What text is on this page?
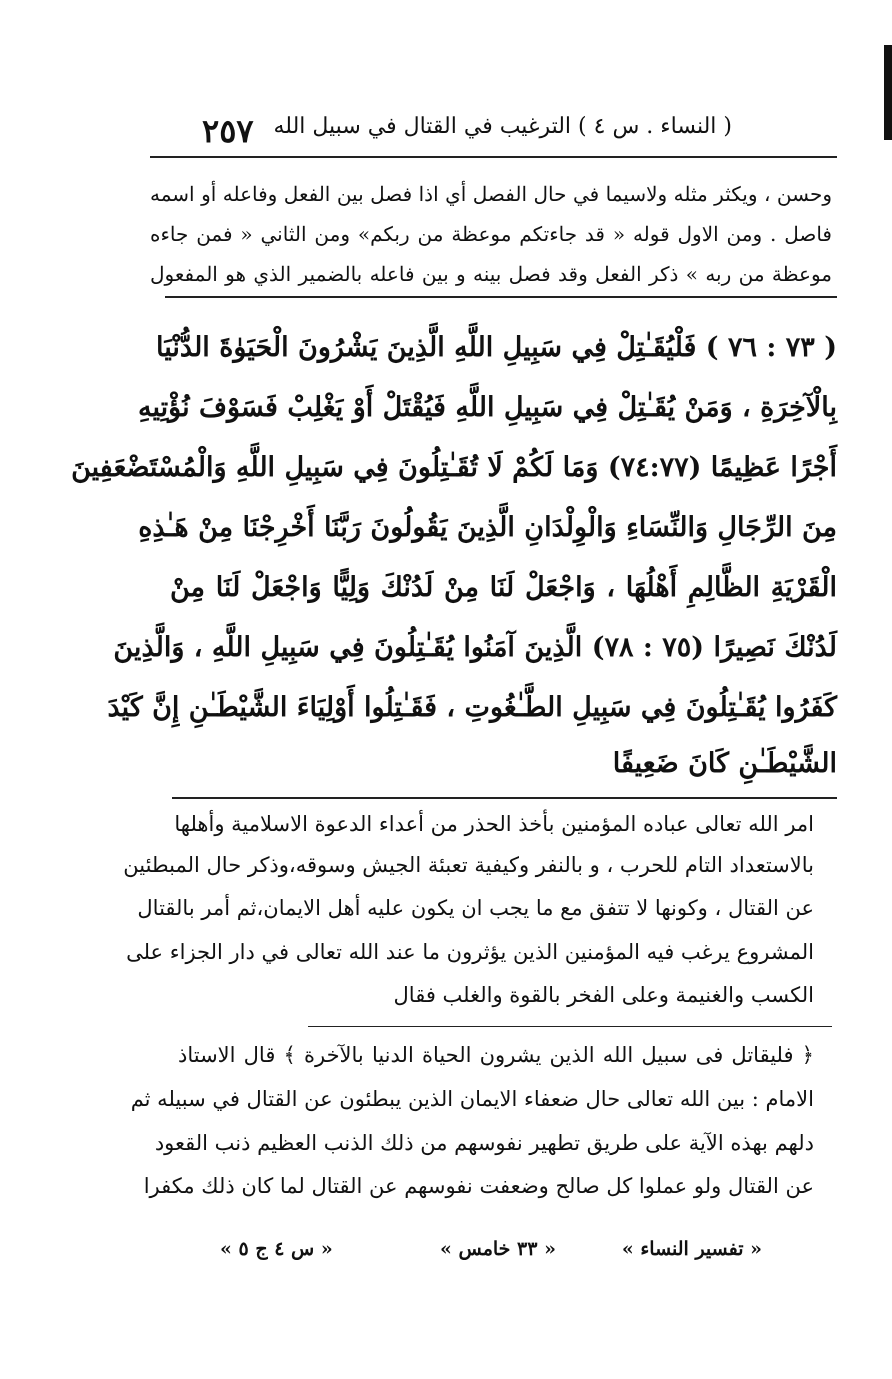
٢٥٧ ( النساء . س ٤ ) الترغيب في القتال في سبيل الله
وحسن ، ويكثر مثله ولاسيما في حال الفصل أي اذا فصل بين الفعل وفاعله أو اسمه
فاصل . ومن الاول قوله « قد جاءتكم موعظة من ربكم» ومن الثاني « فمن جاءه
موعظة من ربه » ذكر الفعل وقد فصل بينه و بين فاعله بالضمير الذي هو المفعول
( ٧٣ : ٧٦ ) فَلْيُقَـٰتِلْ فِي سَبِيلِ اللَّهِ الَّذِينَ يَشْرُونَ الْحَيَوٰةَ الدُّنْيَا
بِالْآخِرَةِ ، وَمَنْ يُقَـٰتِلْ فِي سَبِيلِ اللَّهِ فَيُقْتَلْ أَوْ يَغْلِبْ فَسَوْفَ نُؤْتِيهِ
أَجْرًا عَظِيمًا (٧٤:٧٧) وَمَا لَكُمْ لَا تُقَـٰتِلُونَ فِي سَبِيلِ اللَّهِ وَالْمُسْتَضْعَفِينَ
مِنَ الرِّجَالِ وَالنِّسَاءِ وَالْوِلْدَانِ الَّذِينَ يَقُولُونَ رَبَّنَا أَخْرِجْنَا مِنْ هَـٰذِهِ
الْقَرْيَةِ الظَّالِمِ أَهْلُهَا ، وَاجْعَلْ لَنَا مِنْ لَدُنْكَ وَلِيًّا وَاجْعَلْ لَنَا مِنْ
لَدُنْكَ نَصِيرًا (٧٥ : ٧٨) الَّذِينَ آمَنُوا يُقَـٰتِلُونَ فِي سَبِيلِ اللَّهِ ، وَالَّذِينَ
كَفَرُوا يُقَـٰتِلُونَ فِي سَبِيلِ الطَّـٰغُوتِ ، فَقَـٰتِلُوا أَوْلِيَاءَ الشَّيْطَـٰنِ إِنَّ كَيْدَ
الشَّيْطَـٰنِ كَانَ ضَعِيفًا
امر الله تعالى عباده المؤمنين بأخذ الحذر من أعداء الدعوة الاسلامية وأهلها
بالاستعداد التام للحرب ، و بالنفر وكيفية تعبئة الجيش وسوقه،وذكر حال المبطئين
عن القتال ، وكونها لا تتفق مع ما يجب ان يكون عليه أهل الايمان،ثم أمر بالقتال
المشروع يرغب فيه المؤمنين الذين يؤثرون ما عند الله تعالى في دار الجزاء على
الكسب والغنيمة وعلى الفخر بالقوة والغلب فقال
﴿ فليقاتل فى سبيل الله الذين يشرون الحياة الدنيا بالآخرة ﴾ قال الاستاذ
الامام : بين الله تعالى حال ضعفاء الايمان الذين يبطئون عن القتال في سبيله ثم
دلهم بهذه الآية على طريق تطهير نفوسهم من ذلك الذنب العظيم ذنب القعود
عن القتال ولو عملوا كل صالح وضعفت نفوسهم عن القتال لما كان ذلك مكفرا
« تفسير النساء »
« ٣٣ خامس »
« س ٤ ج ٥ »
